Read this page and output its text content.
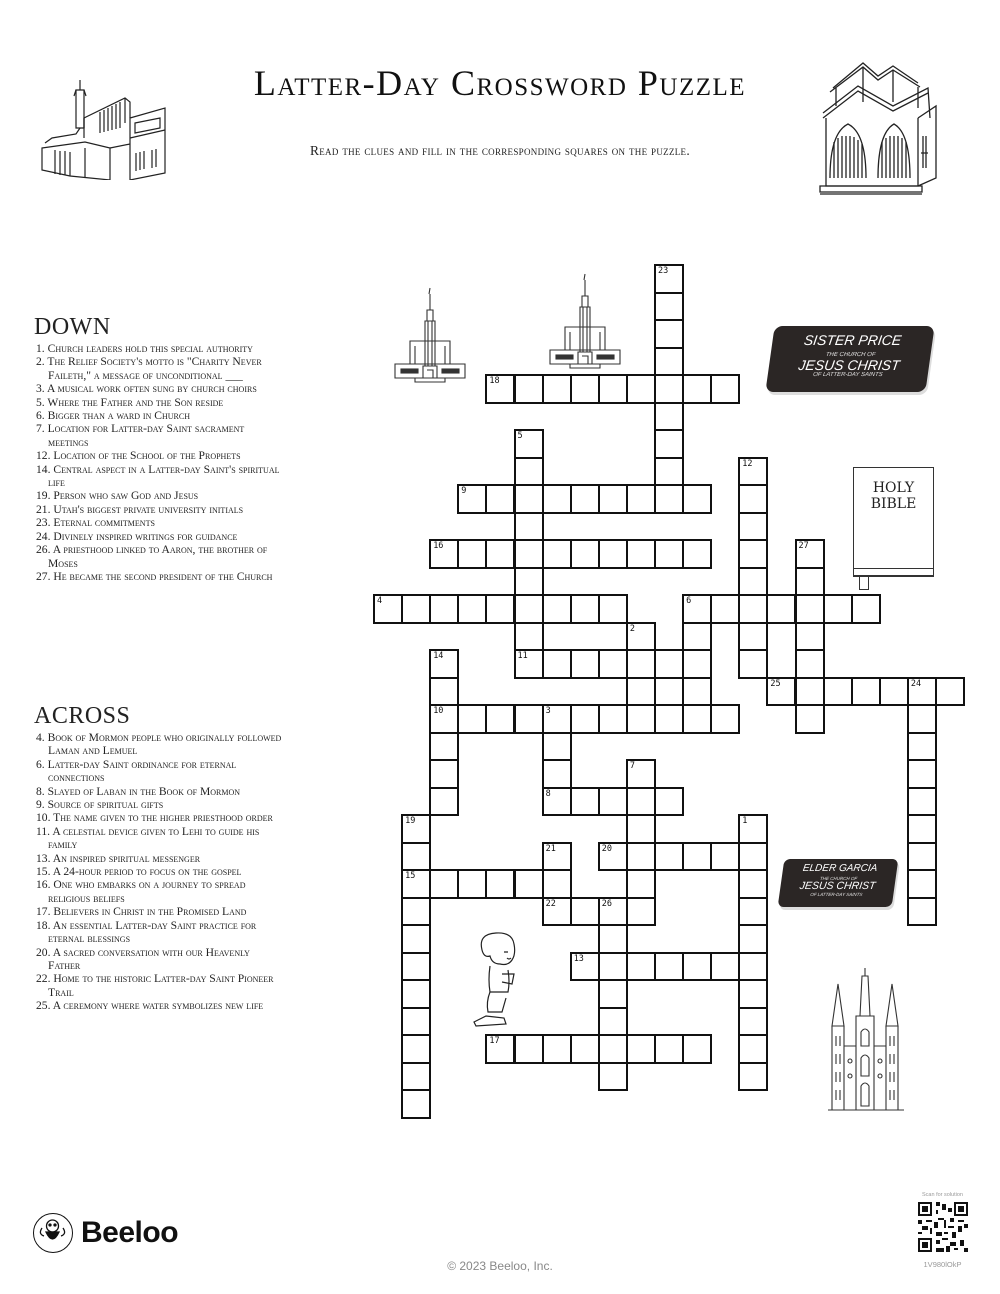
Latter-Day Crossword Puzzle
Read the clues and fill in the corresponding squares on the puzzle.
DOWN

1. Church leaders hold this special authority

2. The Relief Society's motto is "Charity Never Faileth," a message of unconditional ___

3. A musical work often sung by church choirs

5. Where the Father and the Son reside

6. Bigger than a ward in Church

7. Location for Latter-day Saint sacrament meetings

12. Location of the School of the Prophets

14. Central aspect in a Latter-day Saint's spiritual life

19. Person who saw God and Jesus

21. Utah's biggest private university initials

23. Eternal commitments

24. Divinely inspired writings for guidance

26. A priesthood linked to Aaron, the brother of Moses

27. He became the second president of the Church

ACROSS

4. Book of Mormon people who originally followed Laman and Lemuel

6. Latter-day Saint ordinance for eternal connections

8. Slayed of Laban in the Book of Mormon

9. Source of spiritual gifts

10. The name given to the higher priesthood order

11. A celestial device given to Lehi to guide his family

13. An inspired spiritual messenger

15. A 24-hour period to focus on the gospel

16. One who embarks on a journey to spread religious beliefs

17. Believers in Christ in the Promised Land

18. An essential Latter-day Saint practice for eternal blessings

20. A sacred conversation with our Heavenly Father

22. Home to the historic Latter-day Saint Pioneer Trail

25. A ceremony where water symbolizes new life

23
18
5
11
12
9
16	27
4	6
2
14
10
25	24
3
8
7
19
15
1
20
21
22	26
13
17
SISTER PRICE
THE CHURCH OF
JESUS CHRIST
OF LATTER-DAY SAINTS
ELDER GARCIA
THE CHURCH OF
JESUS CHRIST
OF LATTER-DAY SAINTS
HOLY
BIBLE
Beeloo
© 2023 Beeloo, Inc.
Scan for solution
1V980lOkP
